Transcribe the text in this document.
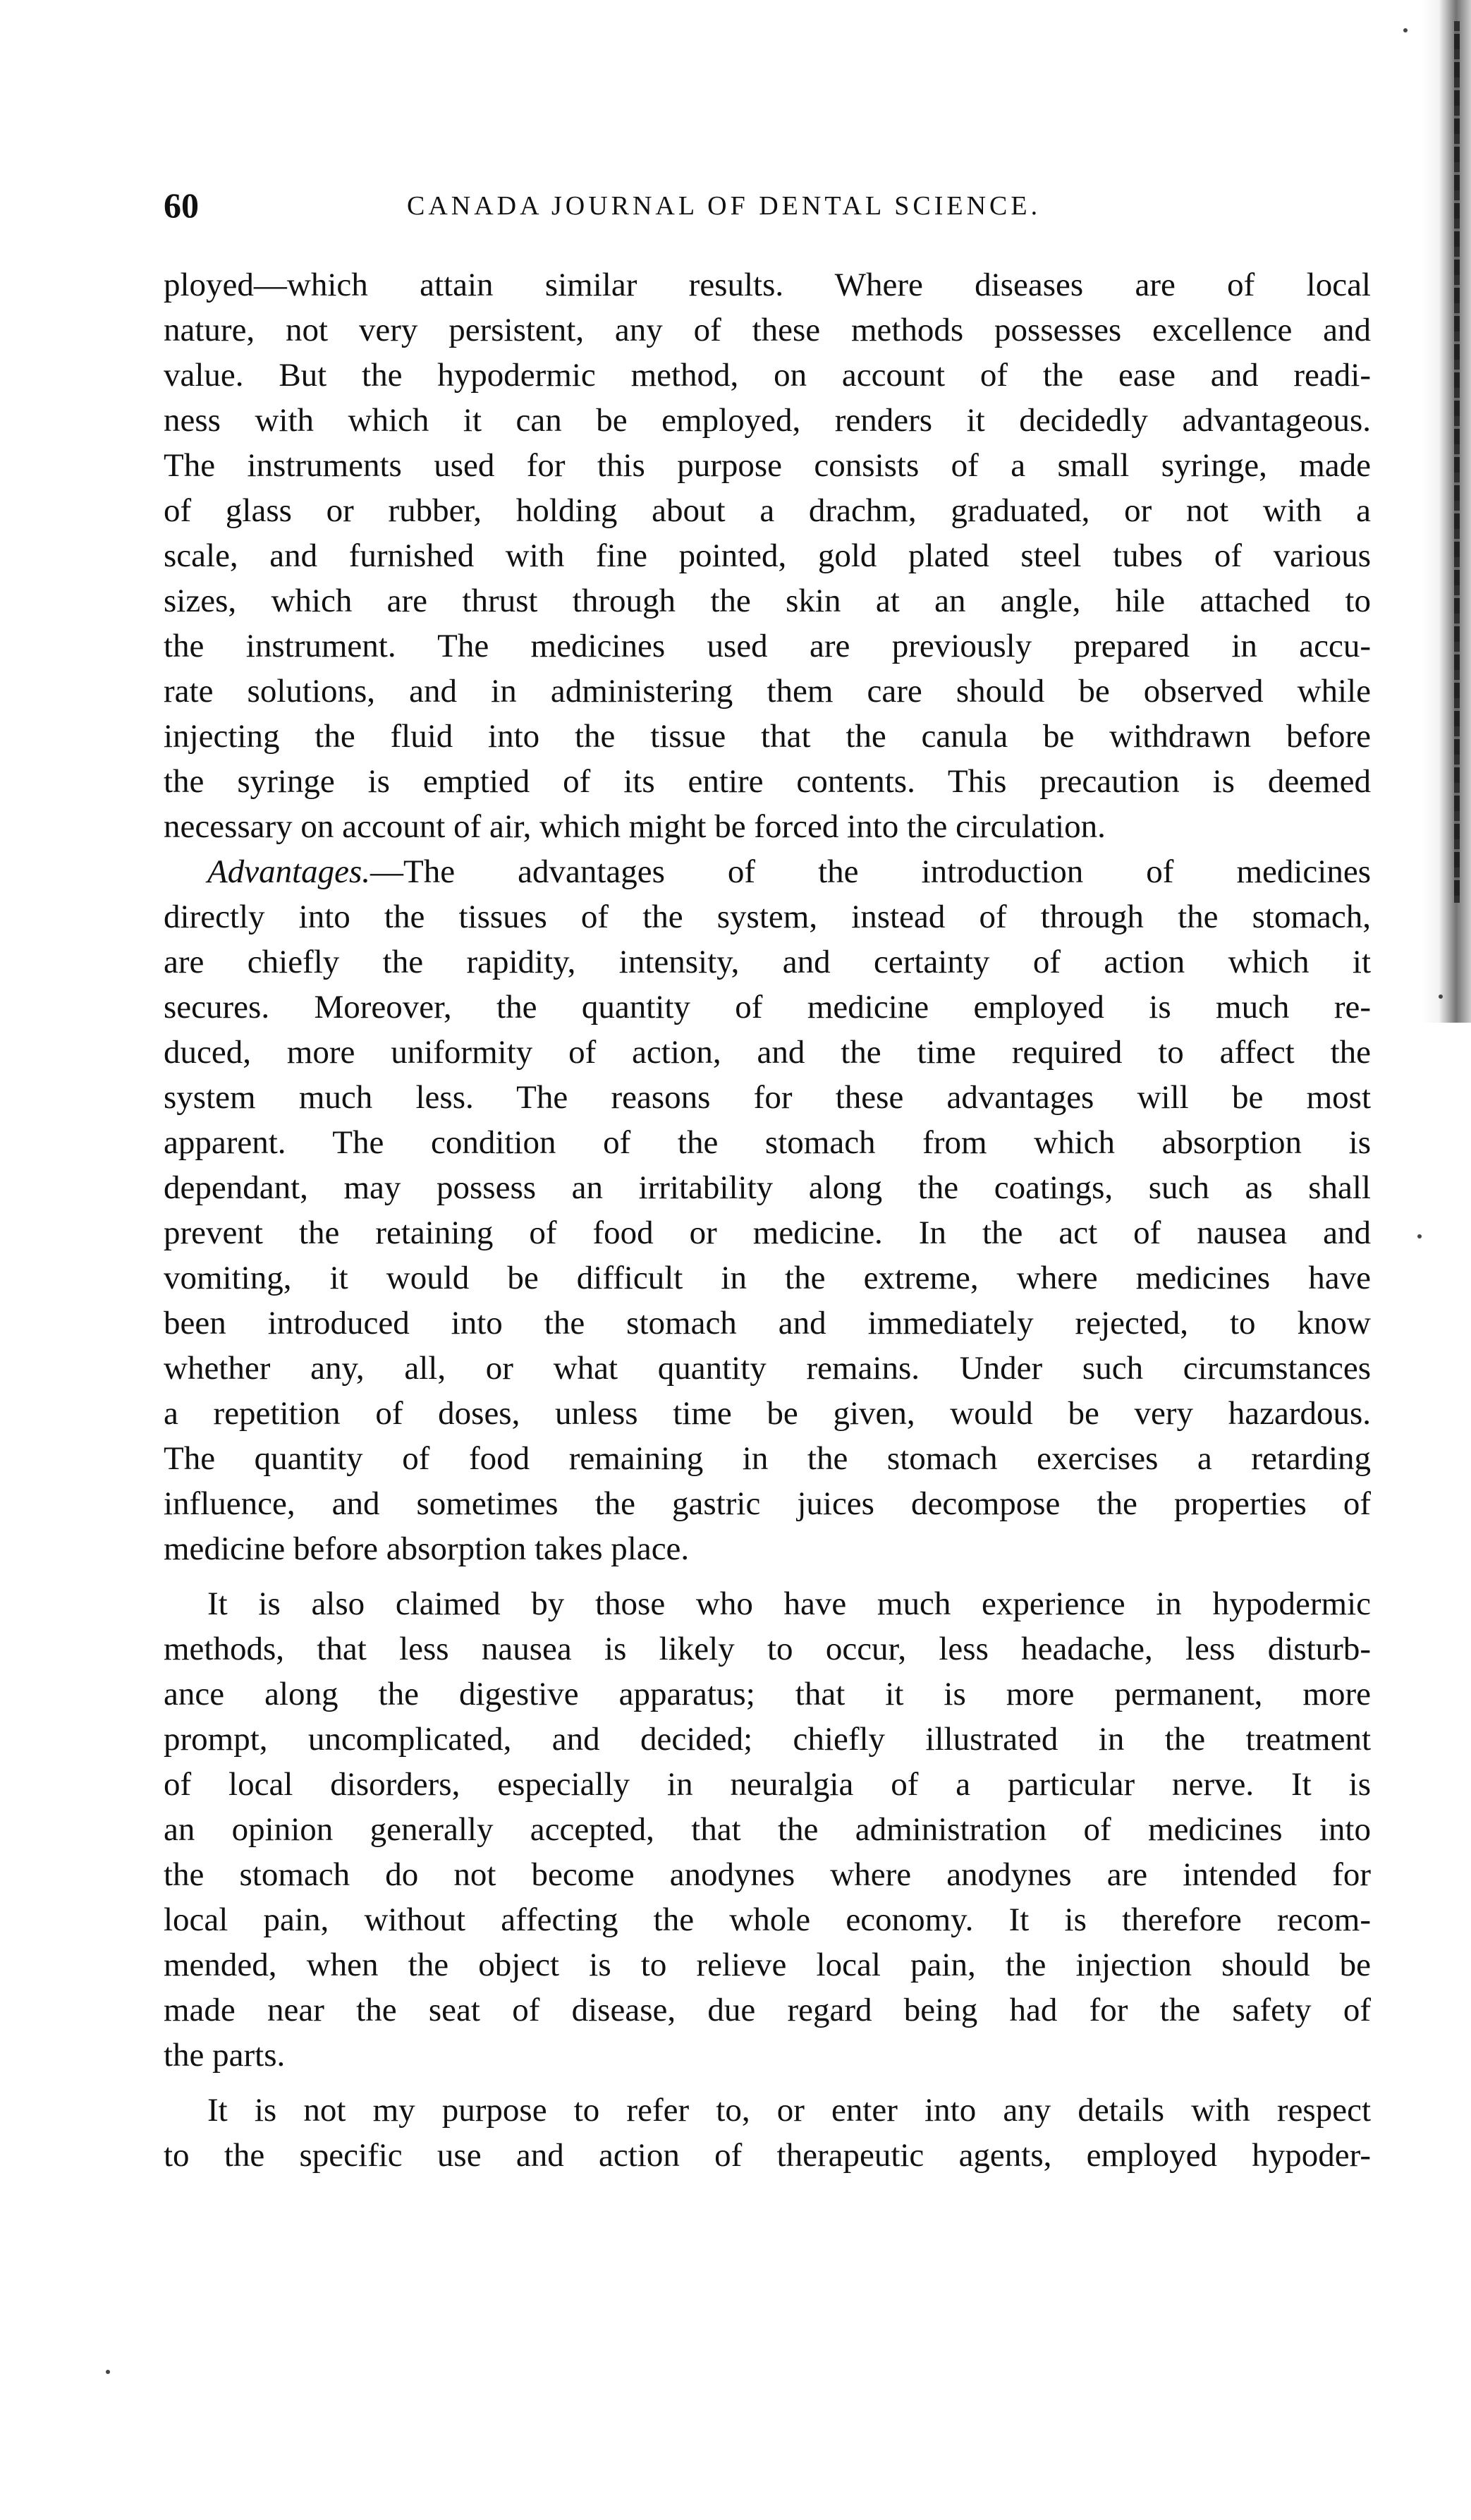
60	CANADA JOURNAL OF DENTAL SCIENCE.
ployed—which attain similar results. Where diseases are of local
nature, not very persistent, any of these methods possesses excellence and
value. But the hypodermic method, on account of the ease and readi-
ness with which it can be employed, renders it decidedly advantageous.
The instruments used for this purpose consists of a small syringe, made
of glass or rubber, holding about a drachm, graduated, or not with a
scale, and furnished with fine pointed, gold plated steel tubes of various
sizes, which are thrust through the skin at an angle, hile attached to
the instrument. The medicines used are previously prepared in accu-
rate solutions, and in administering them care should be observed while
injecting the fluid into the tissue that the canula be withdrawn before
the syringe is emptied of its entire contents. This precaution is deemed
necessary on account of air, which might be forced into the circulation.
Advantages.—The advantages of the introduction of medicines
directly into the tissues of the system, instead of through the stomach,
are chiefly the rapidity, intensity, and certainty of action which it
secures. Moreover, the quantity of medicine employed is much re-
duced, more uniformity of action, and the time required to affect the
system much less. The reasons for these advantages will be most
apparent. The condition of the stomach from which absorption is
dependant, may possess an irritability along the coatings, such as shall
prevent the retaining of food or medicine. In the act of nausea and
vomiting, it would be difficult in the extreme, where medicines have
been introduced into the stomach and immediately rejected, to know
whether any, all, or what quantity remains. Under such circumstances
a repetition of doses, unless time be given, would be very hazardous.
The quantity of food remaining in the stomach exercises a retarding
influence, and sometimes the gastric juices decompose the properties of
medicine before absorption takes place.
It is also claimed by those who have much experience in hypodermic
methods, that less nausea is likely to occur, less headache, less disturb-
ance along the digestive apparatus; that it is more permanent, more
prompt, uncomplicated, and decided; chiefly illustrated in the treatment
of local disorders, especially in neuralgia of a particular nerve. It is
an opinion generally accepted, that the administration of medicines into
the stomach do not become anodynes where anodynes are intended for
local pain, without affecting the whole economy. It is therefore recom-
mended, when the object is to relieve local pain, the injection should be
made near the seat of disease, due regard being had for the safety of
the parts.
It is not my purpose to refer to, or enter into any details with respect
to the specific use and action of therapeutic agents, employed hypoder-
